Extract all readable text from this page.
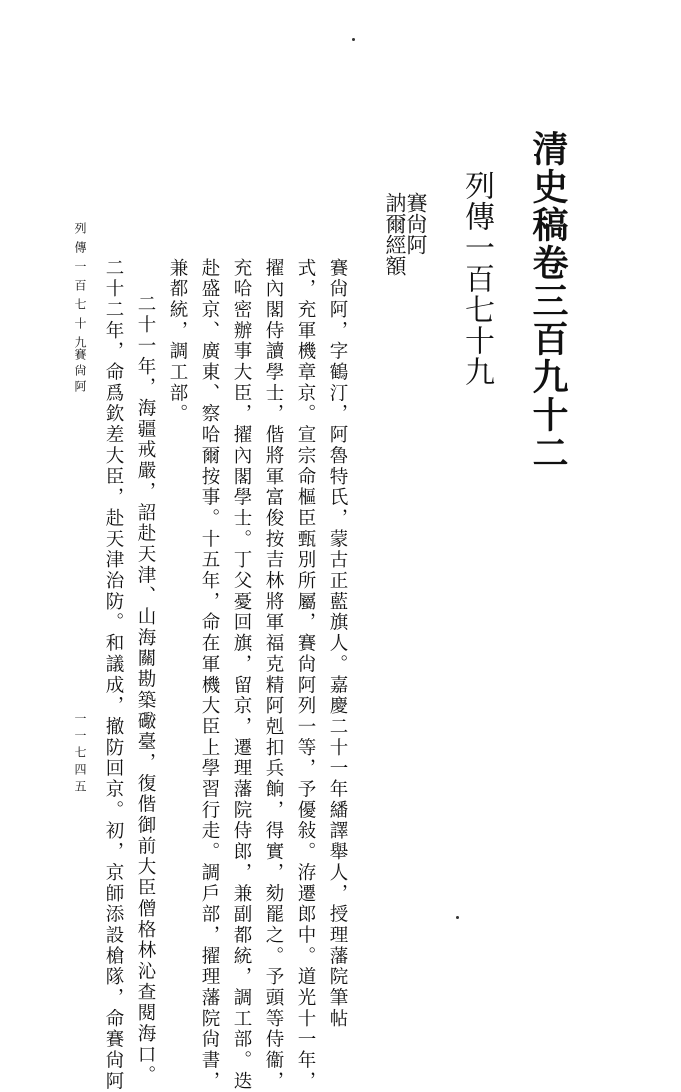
清史稿卷三百九十二
列傳一百七十九
賽尙阿
訥爾經額
賽尙阿，字鶴汀，阿魯特氏，蒙古正藍旗人。嘉慶二十一年繙譯舉人，授理藩院筆帖
式，充軍機章京。宣宗命樞臣甄別所屬，賽尙阿列一等，予優敍。洊遷郎中。道光十一年，
擢內閣侍讀學士，偕將軍富俊按吉林將軍福克精阿剋扣兵餉，得實，劾罷之。予頭等侍衞，
充哈密辦事大臣，擢內閣學士。丁父憂回旗，留京，遷理藩院侍郎，兼副都統，調工部。迭
赴盛京、廣東、察哈爾按事。十五年，命在軍機大臣上學習行走。調戶部，擢理藩院尙書，
兼都統，調工部。
二十一年，海疆戒嚴，詔赴天津、山海關勘築礮臺，復偕御前大臣僧格林沁查閱海口。
二十二年，命爲欽差大臣，赴天津治防。和議成，撤防回京。初，京師添設槍隊，命賽尙阿
列傳一百七十九
賽尙阿
一一七四五
